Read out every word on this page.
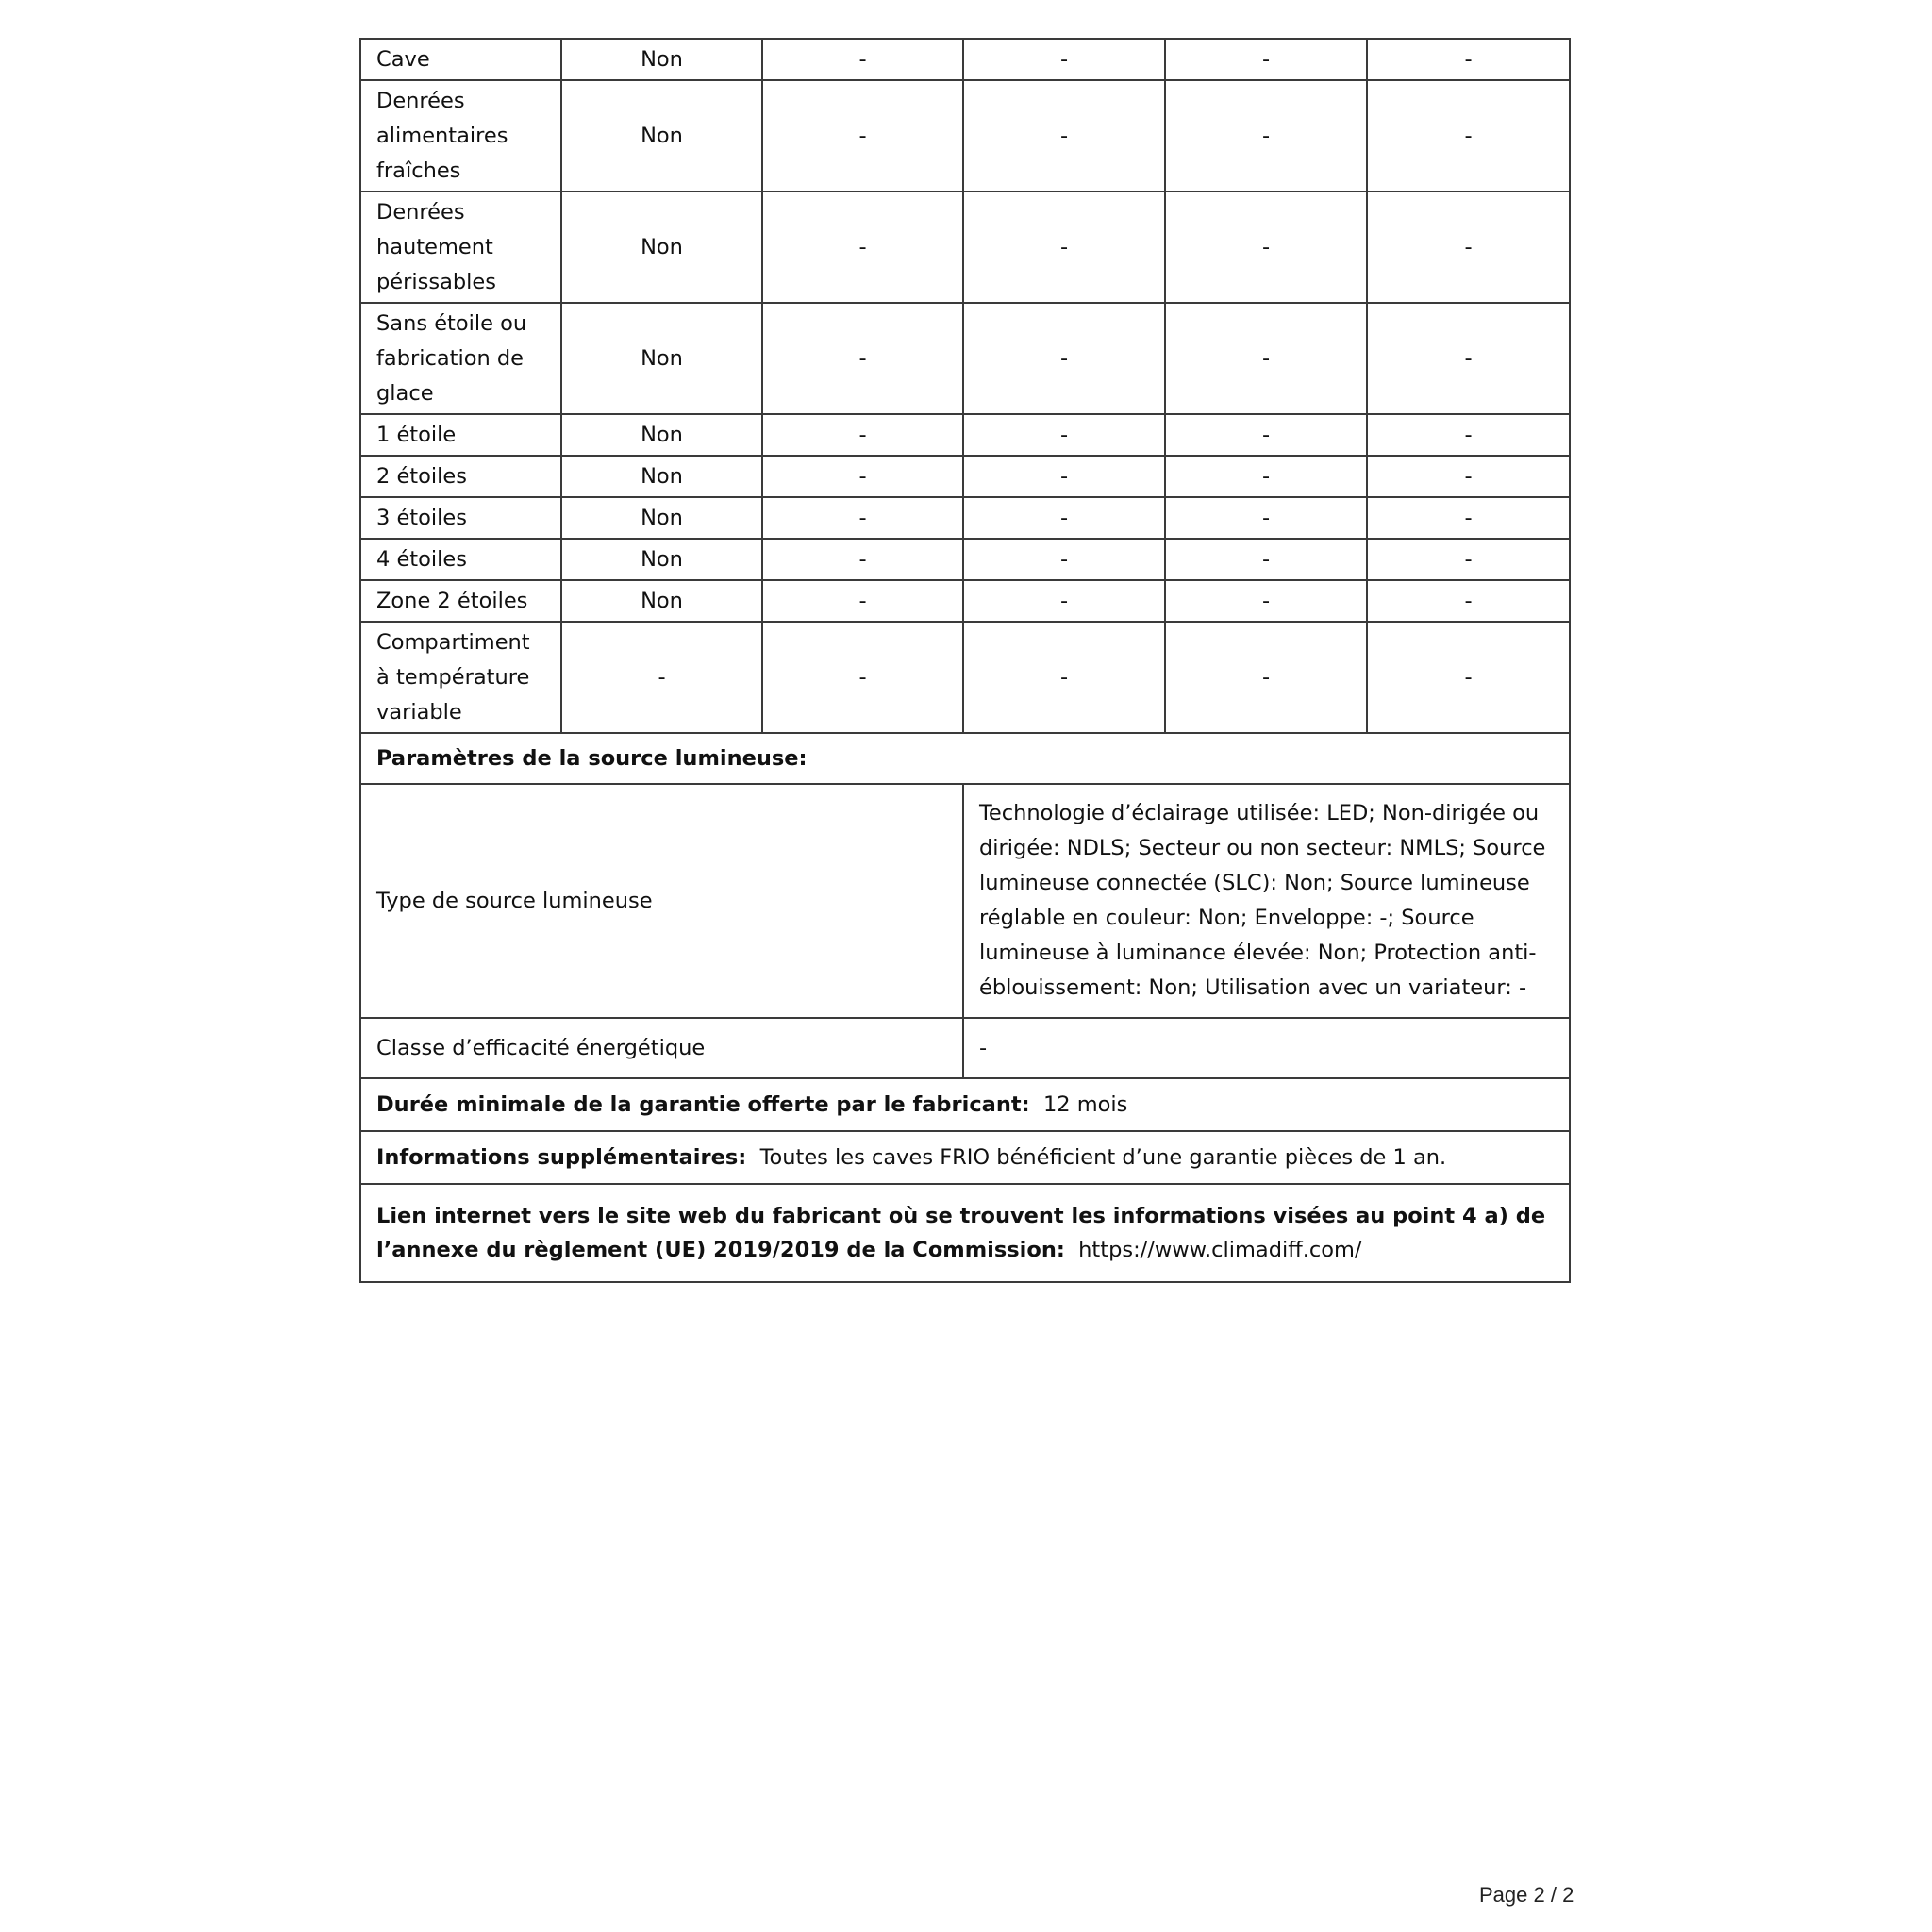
Cave	Non	-	-	-	-
Denrées alimentaires fraîches	Non	-	-	-	-
Denrées hautement périssables	Non	-	-	-	-
Sans étoile ou fabrication de glace	Non	-	-	-	-
1 étoile	Non	-	-	-	-
2 étoiles	Non	-	-	-	-
3 étoiles	Non	-	-	-	-
4 étoiles	Non	-	-	-	-
Zone 2 étoiles	Non	-	-	-	-
Compartiment à température variable	-	-	-	-	-
Paramètres de la source lumineuse:					
Type de source lumineuse			Technologie d’éclairage utilisée: LED; Non-dirigée ou dirigée: NDLS; Secteur ou non secteur: NMLS; Source lumineuse connectée (SLC): Non; Source lumineuse réglable en couleur: Non; Enveloppe: -; Source lumineuse à luminance élevée: Non; Protection anti-éblouissement: Non; Utilisation avec un variateur: -		
Classe d’efficacité énergétique			-		
Durée minimale de la garantie offerte par le fabricant: 12 mois					
Informations supplémentaires: Toutes les caves FRIO bénéficient d’une garantie pièces de 1 an.					
Lien internet vers le site web du fabricant où se trouvent les informations visées au point 4 a) de l’annexe du règlement (UE) 2019/2019 de la Commission: https://www.climadiff.com/					
Page 2 / 2
